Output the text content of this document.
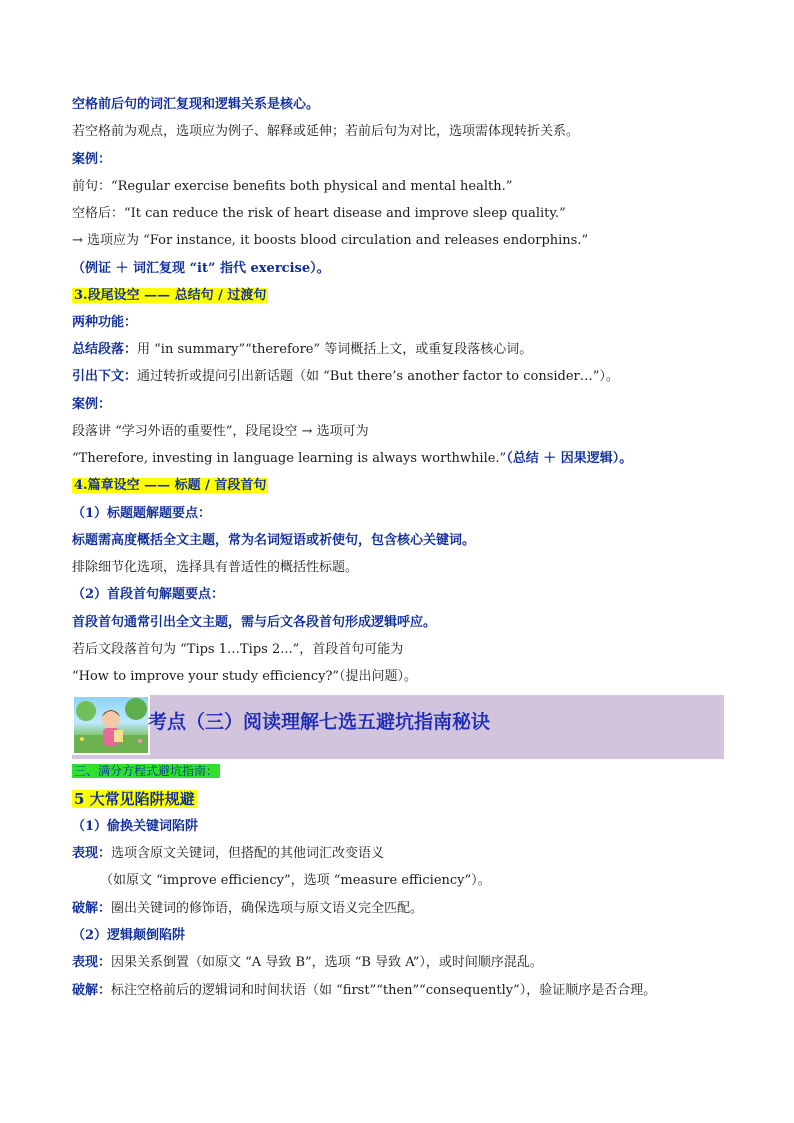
空格前后句的词汇复现和逻辑关系是核心。
若空格前为观点，选项应为例子、解释或延伸；若前后句为对比，选项需体现转折关系。
案例：
前句：“Regular exercise benefits both physical and mental health.”
空格后：“It can reduce the risk of heart disease and improve sleep quality.”
→ 选项应为 “For instance, it boosts blood circulation and releases endorphins.”
（例证 ＋ 词汇复现 “it” 指代 exercise）。
3.段尾设空 —— 总结句 / 过渡句
两种功能：
总结段落：用 “in summary”“therefore” 等词概括上文，或重复段落核心词。
引出下文：通过转折或提问引出新话题（如 “But there’s another factor to consider…”）。
案例：
段落讲 “学习外语的重要性”，段尾设空 → 选项可为
“Therefore, investing in language learning is always worthwhile.”（总结 ＋ 因果逻辑）。
4.篇章设空 —— 标题 / 首段首句
（1）标题题解题要点：
标题需高度概括全文主题，常为名词短语或祈使句，包含核心关键词。
排除细节化选项，选择具有普适性的概括性标题。
（2）首段首句解题要点：
首段首句通常引出全文主题，需与后文各段首句形成逻辑呼应。
若后文段落首句为 “Tips 1…Tips 2...”，首段首句可能为
“How to improve your study efficiency?”（提出问题）。
考点（三）阅读理解七选五避坑指南秘诀
三、满分方程式避坑指南：
5 大常见陷阱规避
（1）偷换关键词陷阱
表现：选项含原文关键词，但搭配的其他词汇改变语义
（如原文 “improve efficiency”，选项 “measure efficiency”）。
破解：圈出关键词的修饰语，确保选项与原文语义完全匹配。
（2）逻辑颠倒陷阱
表现：因果关系倒置（如原文 “A 导致 B”，选项 “B 导致 A”），或时间顺序混乱。
破解：标注空格前后的逻辑词和时间状语（如 “first”“then”“consequently”），验证顺序是否合理。
